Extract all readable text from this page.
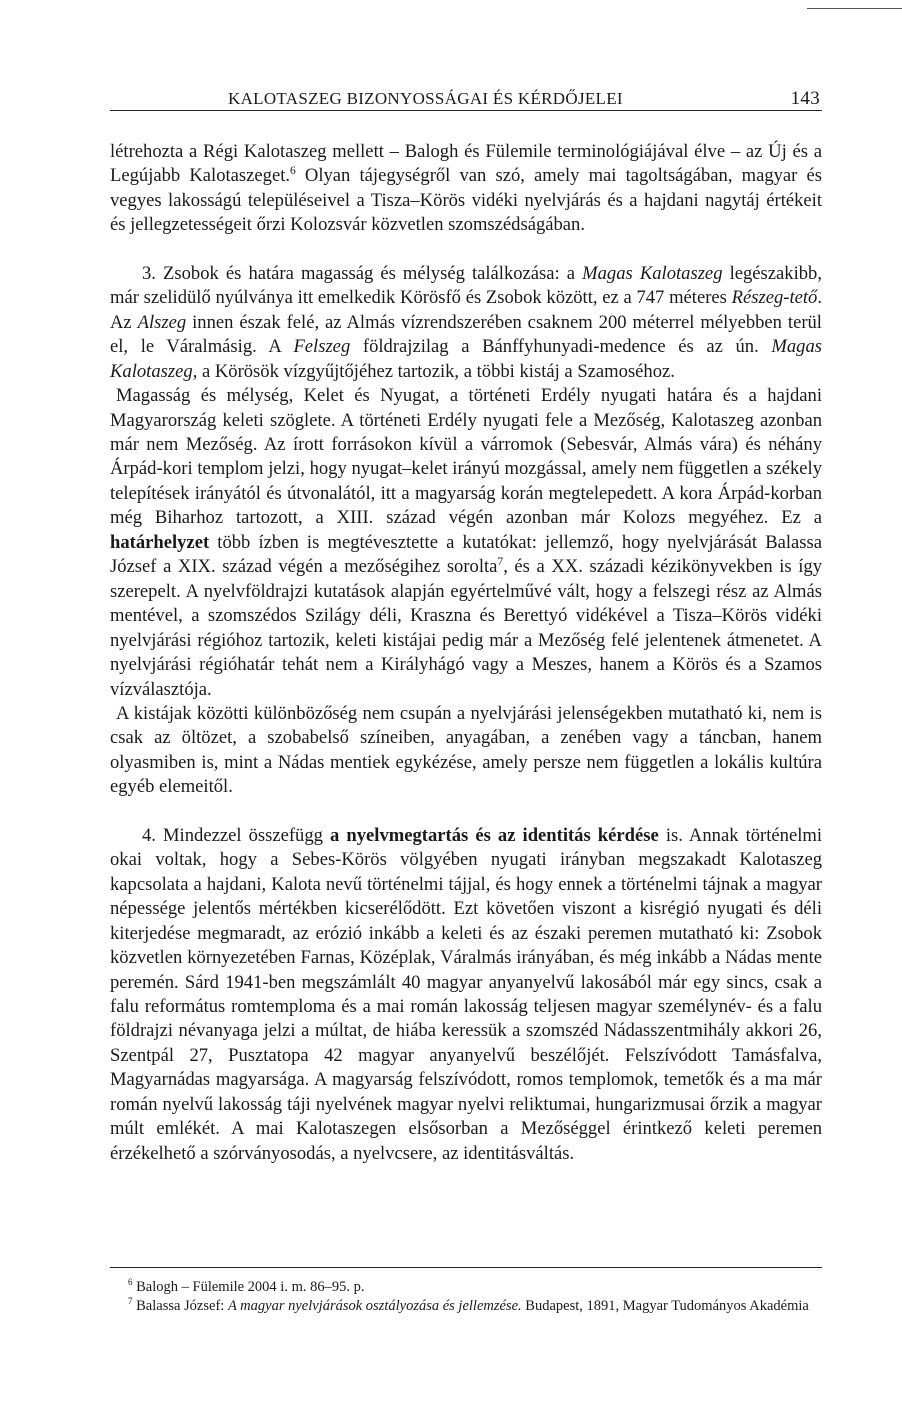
KALOTASZEG BIZONYOSSÁGAI ÉS KÉRDŐJELEI	143

létrehozta a Régi Kalotaszeg mellett – Balogh és Fülemile terminológiájával élve – az Új és a Legújabb Kalotaszeget.$^6$ Olyan tájegységről van szó, amely mai tagoltságában, magyar és vegyes lakosságú településeivel a Tisza–Körös vidéki nyelvjárás és a hajdani nagytáj értékeit és jellegzetességeit őrzi Kolozsvár közvetlen szomszédságában.

3. Zsobok és határa magasság és mélység találkozása: a Magas Kalotaszeg legészakibb, már szelidülő nyúlványa itt emelkedik Körösfő és Zsobok között, ez a 747 méteres Részeg-tető. Az Alszeg innen észak felé, az Almás vízrendszerében csaknem 200 méterrel mélyebben terül el, le Váralmásig. A Felszeg földrajzilag a Bánffyhunyadi-medence és az ún. Magas Kalotaszeg, a Körösök vízgyűjtőjéhez tartozik, a többi kistáj a Szamoséhoz.

Magasság és mélység, Kelet és Nyugat, a történeti Erdély nyugati határa és a hajdani Magyarország keleti szöglete. A történeti Erdély nyugati fele a Mezőség, Kalotaszeg azonban már nem Mezőség. Az írott forrásokon kívül a várromok (Sebesvár, Almás vára) és néhány Árpád-kori templom jelzi, hogy nyugat–kelet irányú mozgással, amely nem független a székely telepítések irányától és útvonalától, itt a magyarság korán megtelepedett. A kora Árpád-korban még Biharhoz tartozott, a XIII. század végén azonban már Kolozs megyéhez. Ez a határhelyzet több ízben is megtévesztette a kutatókat: jellemző, hogy nyelvjárását Balassa József a XIX. század végén a mezőségihez sorolta$^7$, és a XX. századi kézikönyvekben is így szerepelt. A nyelvföldrajzi kutatások alapján egyértelművé vált, hogy a felszegi rész az Almás mentével, a szomszédos Szilágy déli, Kraszna és Berettyó vidékével a Tisza–Körös vidéki nyelvjárási régióhoz tartozik, keleti kistájai pedig már a Mezőség felé jelentenek átmenetet. A nyelvjárási régióhatár tehát nem a Királyhágó vagy a Meszes, hanem a Körös és a Szamos vízválasztója.

A kistájak közötti különbözőség nem csupán a nyelvjárási jelenségekben mutatható ki, nem is csak az öltözet, a szobabelső színeiben, anyagában, a zenében vagy a táncban, hanem olyasmiben is, mint a Nádas mentiek egykézése, amely persze nem független a lokális kultúra egyéb elemeitől.

4. Mindezzel összefügg a nyelvmegtartás és az identitás kérdése is. Annak történelmi okai voltak, hogy a Sebes-Körös völgyében nyugati irányban megszakadt Kalotaszeg kapcsolata a hajdani, Kalota nevű történelmi tájjal, és hogy ennek a történelmi tájnak a magyar népessége jelentős mértékben kicserélődött. Ezt követően viszont a kisrégió nyugati és déli kiterjedése megmaradt, az erózió inkább a keleti és az északi peremen mutatható ki: Zsobok közvetlen környezetében Farnas, Középlak, Váralmás irányában, és még inkább a Nádas mente peremén. Sárd 1941-ben megszámlált 40 magyar anyanyelvű lakosából már egy sincs, csak a falu református romtemploma és a mai román lakosság teljesen magyar személynév- és a falu földrajzi névanyaga jelzi a múltat, de hiába keressük a szomszéd Nádasszentmihály akkori 26, Szentpál 27, Pusztatopa 42 magyar anyanyelvű beszélőjét. Felszívódott Tamásfalva, Magyarnádas magyarsága. A magyarság felszívódott, romos templomok, temetők és a ma már román nyelvű lakosság táji nyelvének magyar nyelvi reliktumai, hungarizmusai őrzik a magyar múlt emlékét. A mai Kalotaszegen elsősorban a Mezőséggel érintkező keleti peremen érzékelhető a szórványosodás, a nyelvcsere, az identitásváltás.

$^6$ Balogh – Fülemile 2004 i. m. 86–95. p.

$^7$ Balassa József: A magyar nyelvjárások osztályozása és jellemzése. Budapest, 1891, Magyar Tudományos Akadémia
